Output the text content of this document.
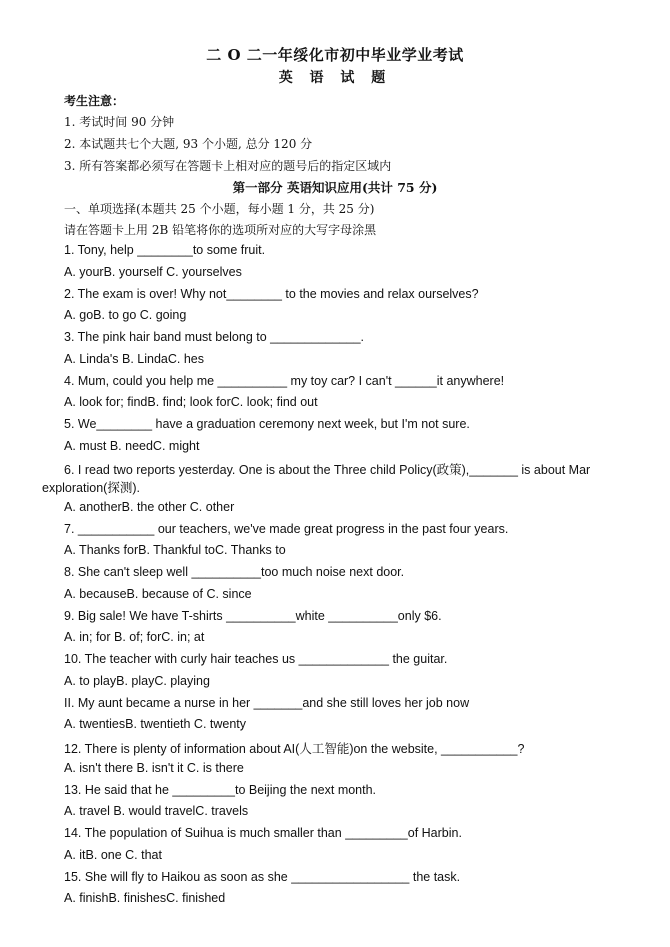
二 O 二一年绥化市初中毕业学业考试
英 语 试 题
考生注意：
1. 考试时间 90 分钟
2. 本试题共七个大题, 93 个小题, 总分 120 分
3. 所有答案都必须写在答题卡上相对应的题号后的指定区域内
第一部分 英语知识应用(共计 75 分)
一、单项选择(本题共 25 个小题，每小题 1 分，共 25 分)
请在答题卡上用 2B 铅笔将你的选项所对应的大写字母涂黑
1. Tony, help ________to some fruit.
A. yourB. yourself C. yourselves
2. The exam is over! Why not________ to the movies and relax ourselves?
A. goB. to go C. going
3. The pink hair band must belong to _____________.
A. Linda's B. LindaC. hes
4. Mum, could you help me __________ my toy car? I can't ______it anywhere!
A. look for; findB. find; look forC. look; find out
5. We________ have a graduation ceremony next week, but I'm not sure.
A. must B. needC. might
6. I read two reports yesterday. One is about the Three child Policy(政策),_______ is about Mar
exploration(探测).
A. anotherB. the other C. other
7. ___________ our teachers, we've made great progress in the past four years.
A. Thanks forB. Thankful toC. Thanks to
8. She can't sleep well __________too much noise next door.
A. becauseB. because of C. since
9. Big sale! We have T-shirts __________white __________only $6.
A. in; for B. of; forC. in; at
10. The teacher with curly hair teaches us _____________ the guitar.
A. to playB. playC. playing
II. My aunt became a nurse in her _______and she still loves her job now
A. twentiesB. twentieth C. twenty
12. There is plenty of information about AI(人工智能)on the website, ___________?
A. isn't there B. isn't it C. is there
13. He said that he _________to Beijing the next month.
A. travel B. would travelC. travels
14. The population of Suihua is much smaller than _________of Harbin.
A. itB. one C. that
15. She will fly to Haikou as soon as she _________________ the task.
A. finishB. finishesC. finished
